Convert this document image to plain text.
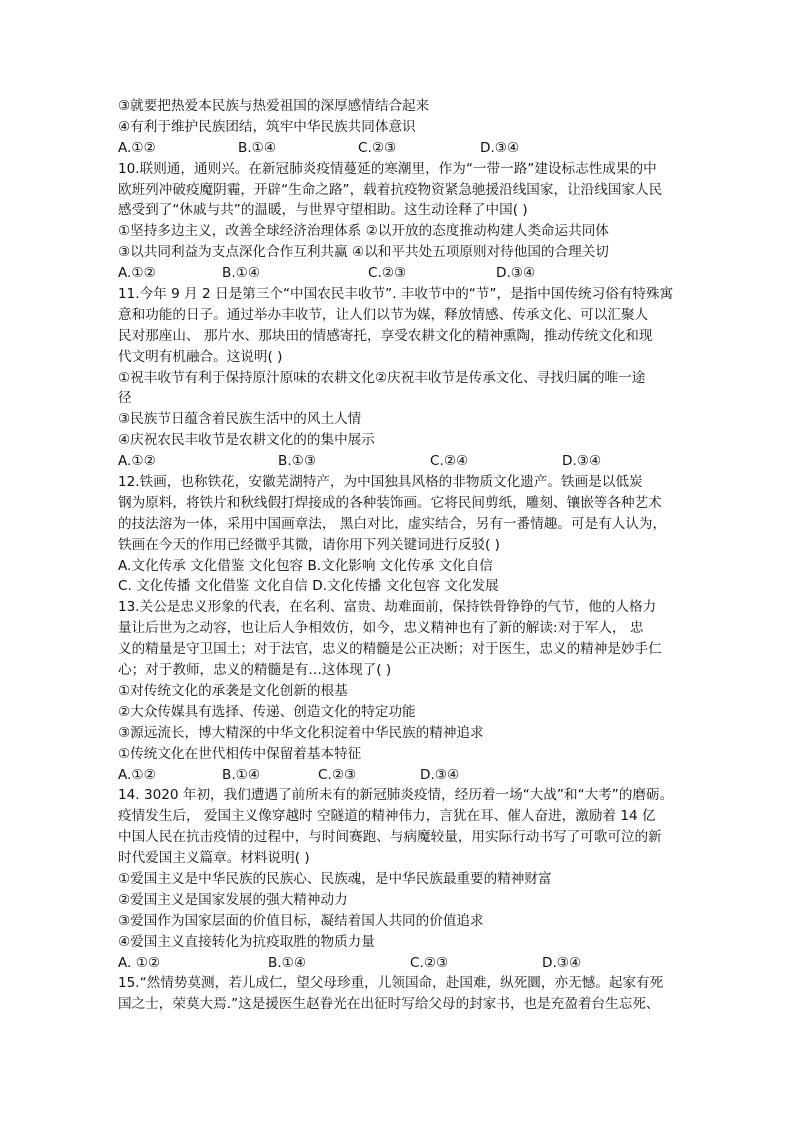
③就要把热爱本民族与热爱祖国的深厚感情结合起来
④有利于维护民族团结，筑牢中华民族共同体意识
A.①②	B.①④	C.②③	D.③④
10.联则通，通则兴。在新冠肺炎疫情蔓延的寒潮里，作为“一带一路”建设标志性成果的中
欧班列冲破疫魔阴霾，开辟“生命之路”，载着抗疫物资紧急驰援沿线国家，让沿线国家人民
感受到了“休戚与共”的温暖，与世界守望相助。这生动诠释了中国( )
①坚持多边主义，改善全球经济治理体系 ②以开放的态度推动构建人类命运共同体
③以共同利益为支点深化合作互利共赢 ④以和平共处五项原则对待他国的合理关切
A.①②	B.①④	C.②③	D.③④
11.今年 9 月 2 日是第三个“中国农民丰收节”. 丰收节中的“节”，是指中国传统习俗有特殊寓
意和功能的日子。通过举办丰收节，让人们以节为媒，释放情感、传承文化、可以汇聚人
民对那座山、 那片水、那块田的情感寄托，享受农耕文化的精神熏陶，推动传统文化和现
代文明有机融合。这说明( )
①祝丰收节有利于保持原汁原味的农耕文化②庆祝丰收节是传承文化、寻找归属的唯一途
径
③民族节日蕴含着民族生活中的风土人情
④庆祝农民丰收节是农耕文化的的集中展示
A.①②	B.①③	C.②④	D.③④
12.铁画，也称铁花，安徽芜湖特产，为中国独具风格的非物质文化遗产。铁画是以低炭
钢为原料，将铁片和秋线假打焊接成的各种装饰画。它将民间剪纸，雕刻、镶嵌等各种艺术
的技法溶为一体，采用中国画章法， 黑白对比，虚实结合，另有一番情趣。可是有人认为，
铁画在今天的作用已经微乎其微，请你用下列关键词进行反驳( )
A.文化传承 文化借鉴 文化包容 B.文化影响 文化传承 文化自信
C. 文化传播 文化借鉴 文化自信 D.文化传播 文化包容 文化发展
13.关公是忠义形象的代表，在名利、富贵、劫难面前，保持铁骨铮铮的气节，他的人格力
量让后世为之动容，也让后人争相效仿，如今，忠义精神也有了新的解读:对于军人， 忠
义的精量是守卫国土；对于法官，忠义的精髓是公正决断；对于医生，忠义的精神是妙手仁
心；对于教师，忠义的精髓是有…这体现了( )
①对传统文化的承袭是文化创新的根基
②大众传媒具有选择、传递、创造文化的特定功能
③源远流长，博大精深的中华文化积淀着中华民族的精神追求
①传统文化在世代相传中保留着基本特征
A.①②	B.①④	C.②③	D.③④
14. 3020 年初，我们遭遇了前所未有的新冠肺炎疫情，经历着一场“大战”和“大考”的磨砺。
疫情发生后， 爱国主义像穿越时 空隧道的精神伟力，言犹在耳、催人奋进，激励着 14 亿
中国人民在抗击疫情的过程中，与时间赛跑、与病魔较量，用实际行动书写了可歌可泣的新
时代爱国主义篇章。材料说明( )
①爱国主义是中华民族的民族心、民族魂，是中华民族最重要的精神财富
②爱国主义是国家发展的强大精神动力
③爱国作为国家层面的价值目标，凝结着国人共同的价值追求
④爱国主义直接转化为抗疫取胜的物质力量
A. ①②	B.①④	C.②③	D.③④
15.“然情势莫测，若儿成仁，望父母珍重，儿领国命，赴国难，纵死圜，亦无憾。起家有死
国之士，荣莫大焉.”这是援医生赵眷光在出征时写给父母的封家书，也是充盈着台生忘死、
